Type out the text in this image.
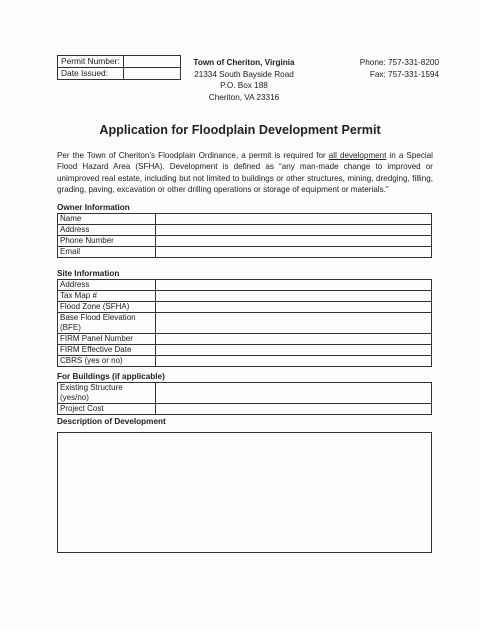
Permit Number:	
Date Issued:	
Town of Cheriton, Virginia
21334 South Bayside Road
P.O. Box 188
Cheriton, VA 23316
Phone: 757-331-8200
Fax: 757-331-1594
Application for Floodplain Development Permit

Per the Town of Cheriton’s Floodplain Ordinance, a permit is required for all development in a Special Flood Hazard Area (SFHA). Development is defined as “any man-made change to improved or unimproved real estate, including but not limited to buildings or other structures, mining, dredging, filling, grading, paving, excavation or other drilling operations or storage of equipment or materials.”

Owner Information
Name	
Address	
Phone Number	
Email	
Site Information
Address	
Tax Map #	
Flood Zone (SFHA)	
Base Flood Elevation (BFE)	
FIRM Panel Number	
FIRM Effective Date	
CBRS (yes or no)	
For Buildings (if applicable)
Existing Structure (yes/no)	
Project Cost	
Description of Development
